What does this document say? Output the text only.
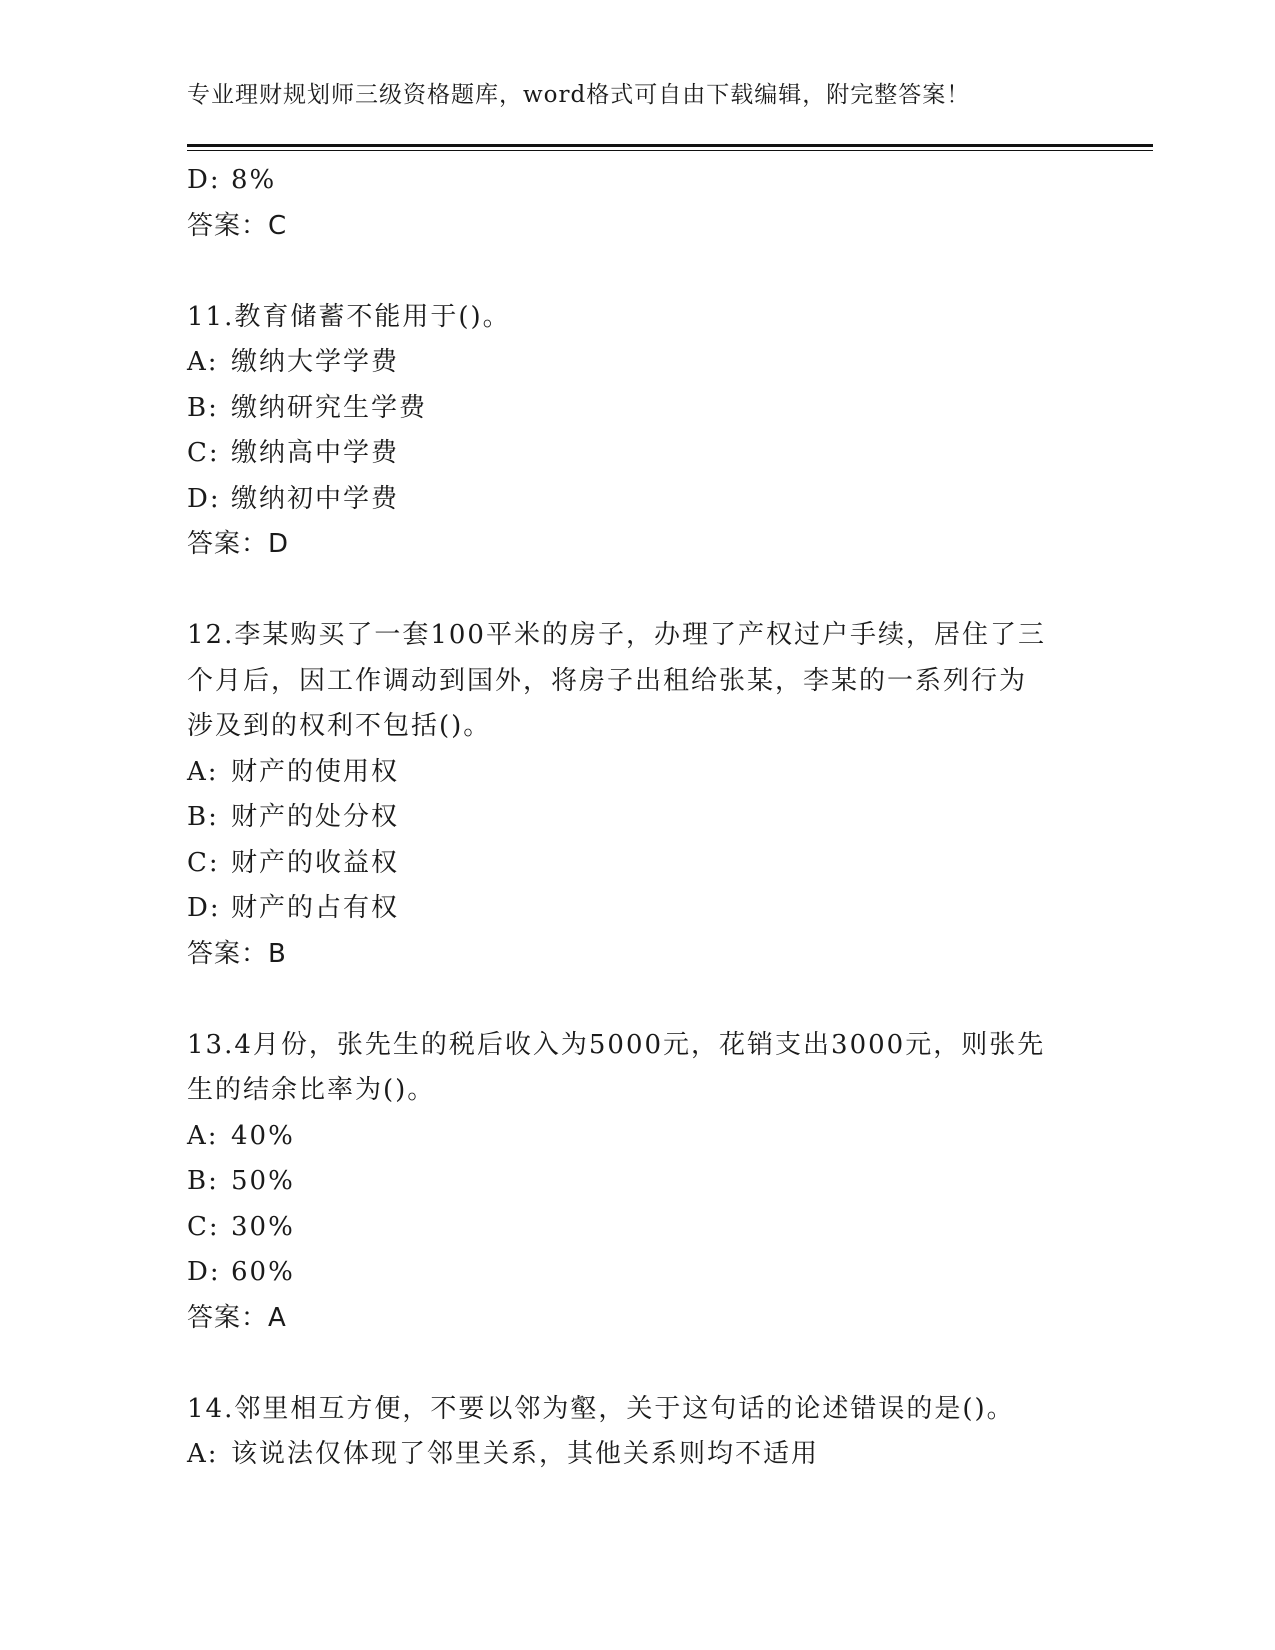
专业理财规划师三级资格题库，word格式可自由下载编辑，附完整答案！
D: 8%
答案：C
11.教育储蓄不能用于()。
A: 缴纳大学学费
B: 缴纳研究生学费
C: 缴纳高中学费
D: 缴纳初中学费
答案：D
12.李某购买了一套100平米的房子，办理了产权过户手续，居住了三
个月后，因工作调动到国外，将房子出租给张某，李某的一系列行为
涉及到的权利不包括()。
A: 财产的使用权
B: 财产的处分权
C: 财产的收益权
D: 财产的占有权
答案：B
13.4月份，张先生的税后收入为5000元，花销支出3000元，则张先
生的结余比率为()。
A: 40%
B: 50%
C: 30%
D: 60%
答案：A
14.邻里相互方便，不要以邻为壑，关于这句话的论述错误的是()。
A: 该说法仅体现了邻里关系，其他关系则均不适用
